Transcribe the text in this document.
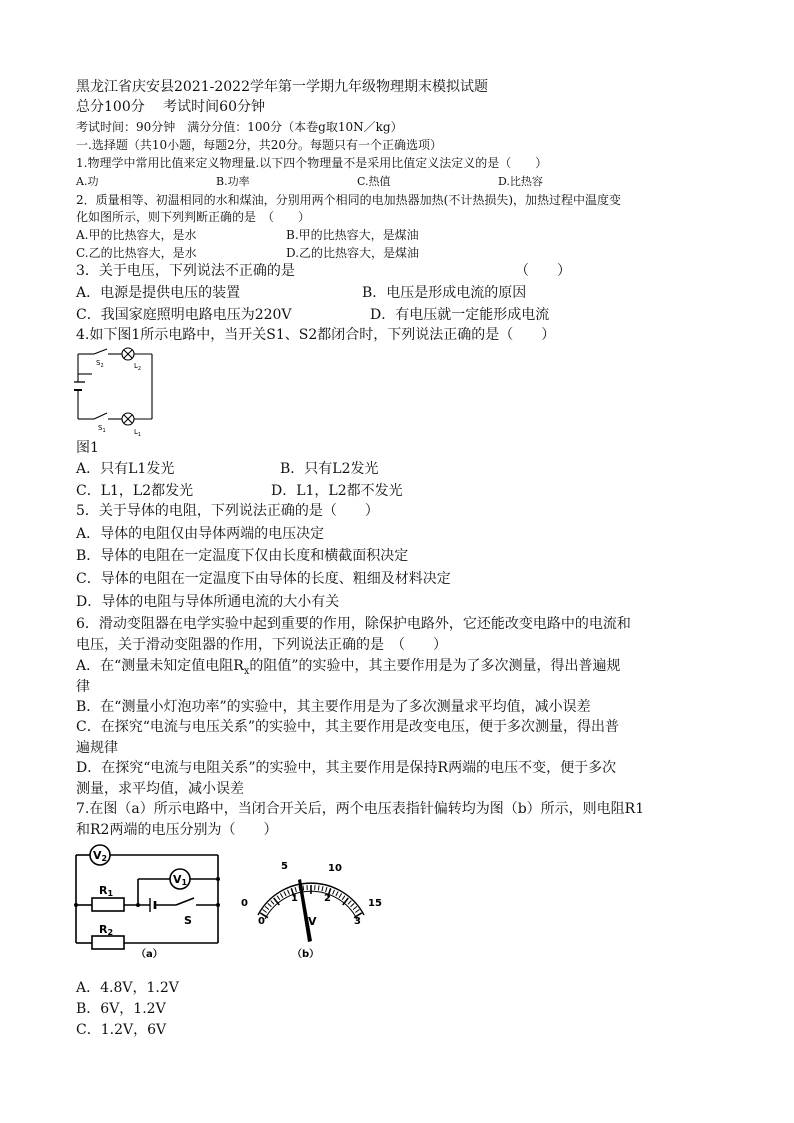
黑龙江省庆安县2021-2022学年第一学期九年级物理期末模拟试题
总分100分　 考试时间60分钟
考试时间：90分钟　满分分值：100分（本卷g取10N／kg）
一.选择题（共10小题，每题2分，共20分。每题只有一个正确选项）
1.物理学中常用比值来定义物理量.以下四个物理量不是采用比值定义法定义的是（　　）
A.功	B.功率	C.热值	D.比热容
2．质量相等、初温相同的水和煤油，分别用两个相同的电加热器加热(不计热损失)，加热过程中温度变
化如图所示，则下列判断正确的是　（　　）
A.甲的比热容大，是水	B.甲的比热容大，是煤油
C.乙的比热容大，是水	D.乙的比热容大，是煤油
3．关于电压，下列说法不正确的是	（　　）
A．电源是提供电压的装置	B．电压是形成电流的原因
C．我国家庭照明电路电压为220V	D．有电压就一定能形成电流
4.如下图1所示电路中，当开关S1、S2都闭合时，下列说法正确的是（　　）
$S_2$	$L_2$
$S_1$	$L_1$
图1
A．只有L1发光	B．只有L2发光
C．L1，L2都发光	D．L1，L2都不发光
5．关于导体的电阻，下列说法正确的是（　　）
A．导体的电阻仅由导体两端的电压决定
B．导体的电阻在一定温度下仅由长度和横截面积决定
C．导体的电阻在一定温度下由导体的长度、粗细及材料决定
D．导体的电阻与导体所通电流的大小有关
6．滑动变阻器在电学实验中起到重要的作用，除保护电路外，它还能改变电路中的电流和
电压，关于滑动变阻器的作用，下列说法正确的是　（　　）
A．在“测量未知定值电阻$R_x$的阻值”的实验中，其主要作用是为了多次测量，得出普遍规
律
B．在“测量小灯泡功率”的实验中，其主要作用是为了多次测量求平均值，减小误差
C．在探究“电流与电压关系”的实验中，其主要作用是改变电压，便于多次测量，得出普
遍规律
D．在探究“电流与电阻关系”的实验中，其主要作用是保持R两端的电压不变，便于多次
测量，求平均值，减小误差
7.在图（a）所示电路中，当闭合开关后，两个电压表指针偏转均为图（b）所示，则电阻R1
和R2两端的电压分别为（　　）
V2
V1
R1
S
R2
（a）
5	10
0	15
0
1	2
3
V
（b）
A．4.8V，1.2V
B．6V，1.2V
C．1.2V，6V
